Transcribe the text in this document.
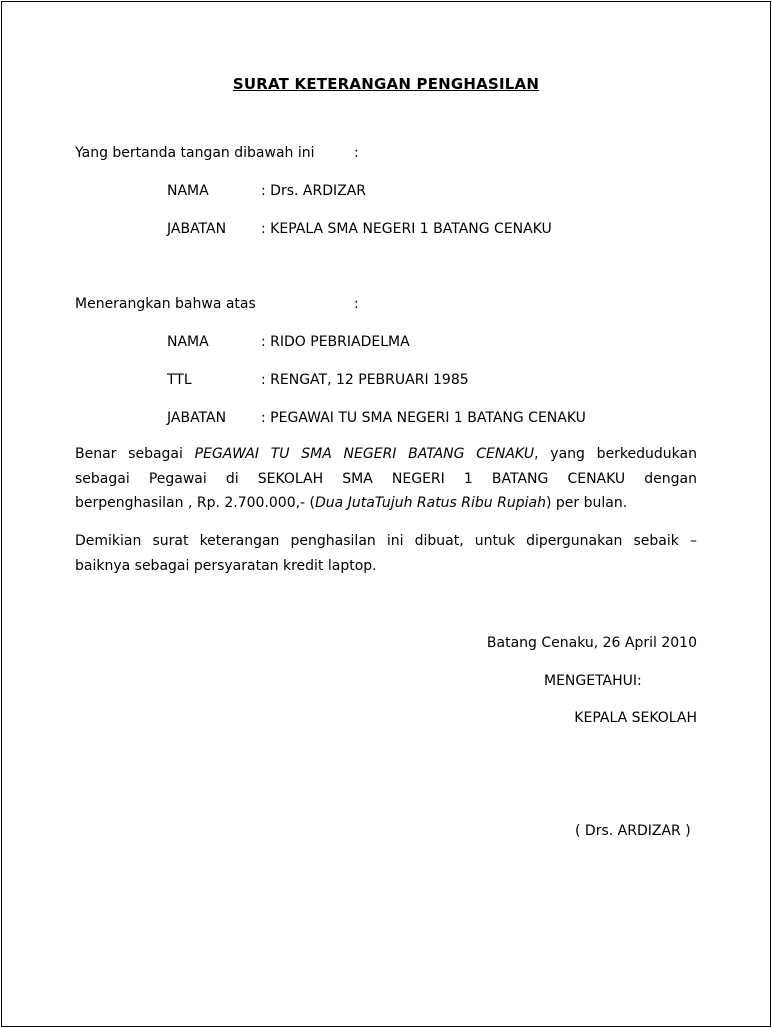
SURAT KETERANGAN PENGHASILAN
Yang bertanda tangan dibawah ini	:
NAMA	: Drs. ARDIZAR
JABATAN : KEPALA SMA NEGERI 1 BATANG CENAKU
Menerangkan bahwa atas	:
NAMA	: RIDO PEBRIADELMA
TTL	: RENGAT, 12 PEBRUARI 1985
JABATAN : PEGAWAI TU SMA NEGERI 1 BATANG CENAKU
Benar sebagai PEGAWAI TU SMA NEGERI BATANG CENAKU, yang berkedudukan
sebagai Pegawai di SEKOLAH SMA NEGERI 1 BATANG CENAKU dengan
berpenghasilan , Rp. 2.700.000,- (Dua JutaTujuh Ratus Ribu Rupiah) per bulan.
Demikian surat keterangan penghasilan ini dibuat, untuk dipergunakan sebaik –
baiknya sebagai persyaratan kredit laptop.
Batang Cenaku, 26 April 2010
MENGETAHUI:
KEPALA SEKOLAH
( Drs. ARDIZAR )
